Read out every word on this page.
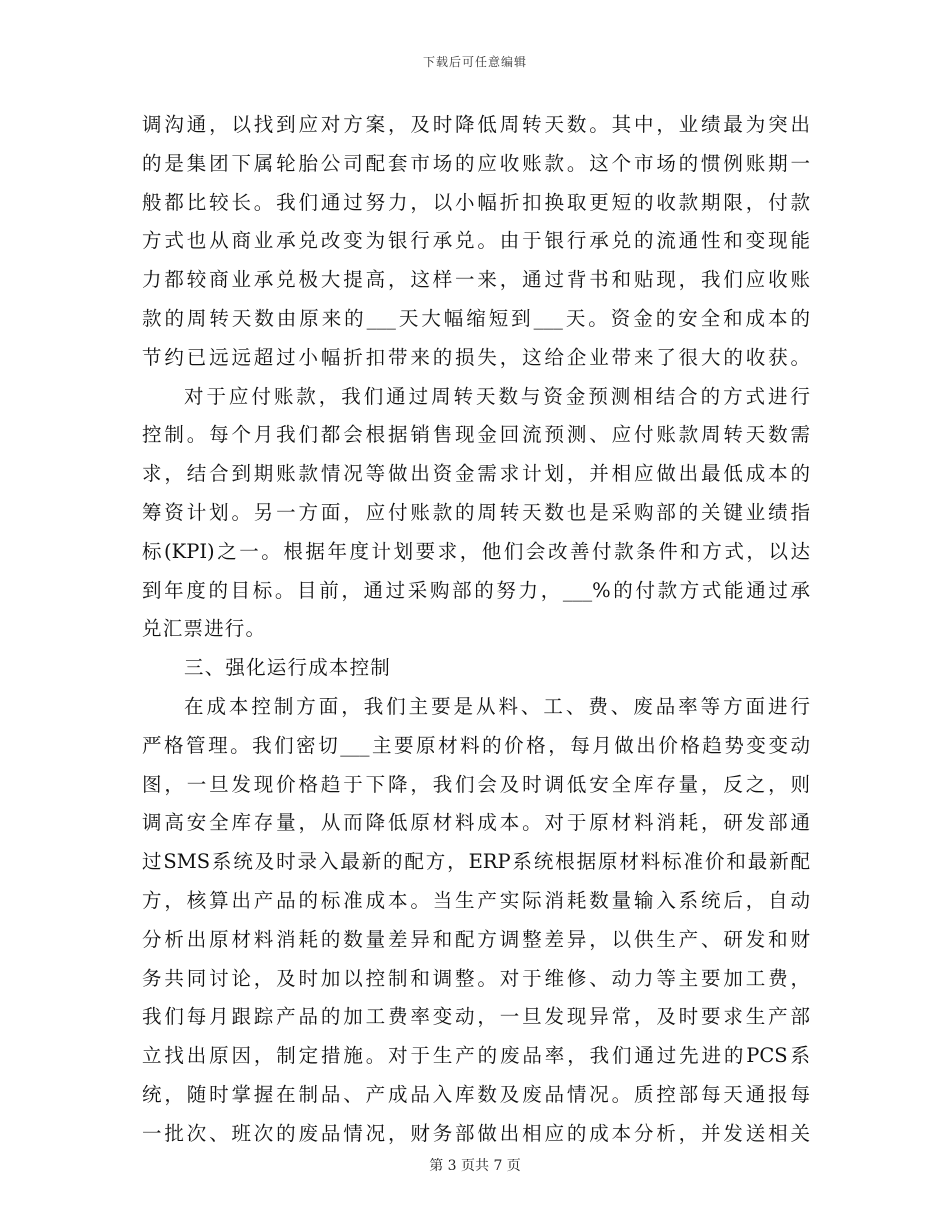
下载后可任意编辑
调沟通，以找到应对方案，及时降低周转天数。其中，业绩最为突出
的是集团下属轮胎公司配套市场的应收账款。这个市场的惯例账期一
般都比较长。我们通过努力，以小幅折扣换取更短的收款期限，付款
方式也从商业承兑改变为银行承兑。由于银行承兑的流通性和变现能
力都较商业承兑极大提高，这样一来，通过背书和贴现，我们应收账
款的周转天数由原来的___天大幅缩短到___天。资金的安全和成本的
节约已远远超过小幅折扣带来的损失，这给企业带来了很大的收获。
对于应付账款，我们通过周转天数与资金预测相结合的方式进行
控制。每个月我们都会根据销售现金回流预测、应付账款周转天数需
求，结合到期账款情况等做出资金需求计划，并相应做出最低成本的
筹资计划。另一方面，应付账款的周转天数也是采购部的关键业绩指
标(KPI)之一。根据年度计划要求，他们会改善付款条件和方式，以达
到年度的目标。目前，通过采购部的努力，___%的付款方式能通过承
兑汇票进行。
三、强化运行成本控制
在成本控制方面，我们主要是从料、工、费、废品率等方面进行
严格管理。我们密切___主要原材料的价格，每月做出价格趋势变变动
图，一旦发现价格趋于下降，我们会及时调低安全库存量，反之，则
调高安全库存量，从而降低原材料成本。对于原材料消耗，研发部通
过SMS系统及时录入最新的配方，ERP系统根据原材料标准价和最新配
方，核算出产品的标准成本。当生产实际消耗数量输入系统后，自动
分析出原材料消耗的数量差异和配方调整差异，以供生产、研发和财
务共同讨论，及时加以控制和调整。对于维修、动力等主要加工费，
我们每月跟踪产品的加工费率变动，一旦发现异常，及时要求生产部
立找出原因，制定措施。对于生产的废品率，我们通过先进的PCS系
统，随时掌握在制品、产成品入库数及废品情况。质控部每天通报每
一批次、班次的废品情况，财务部做出相应的成本分析，并发送相关
第 3 页共 7 页
